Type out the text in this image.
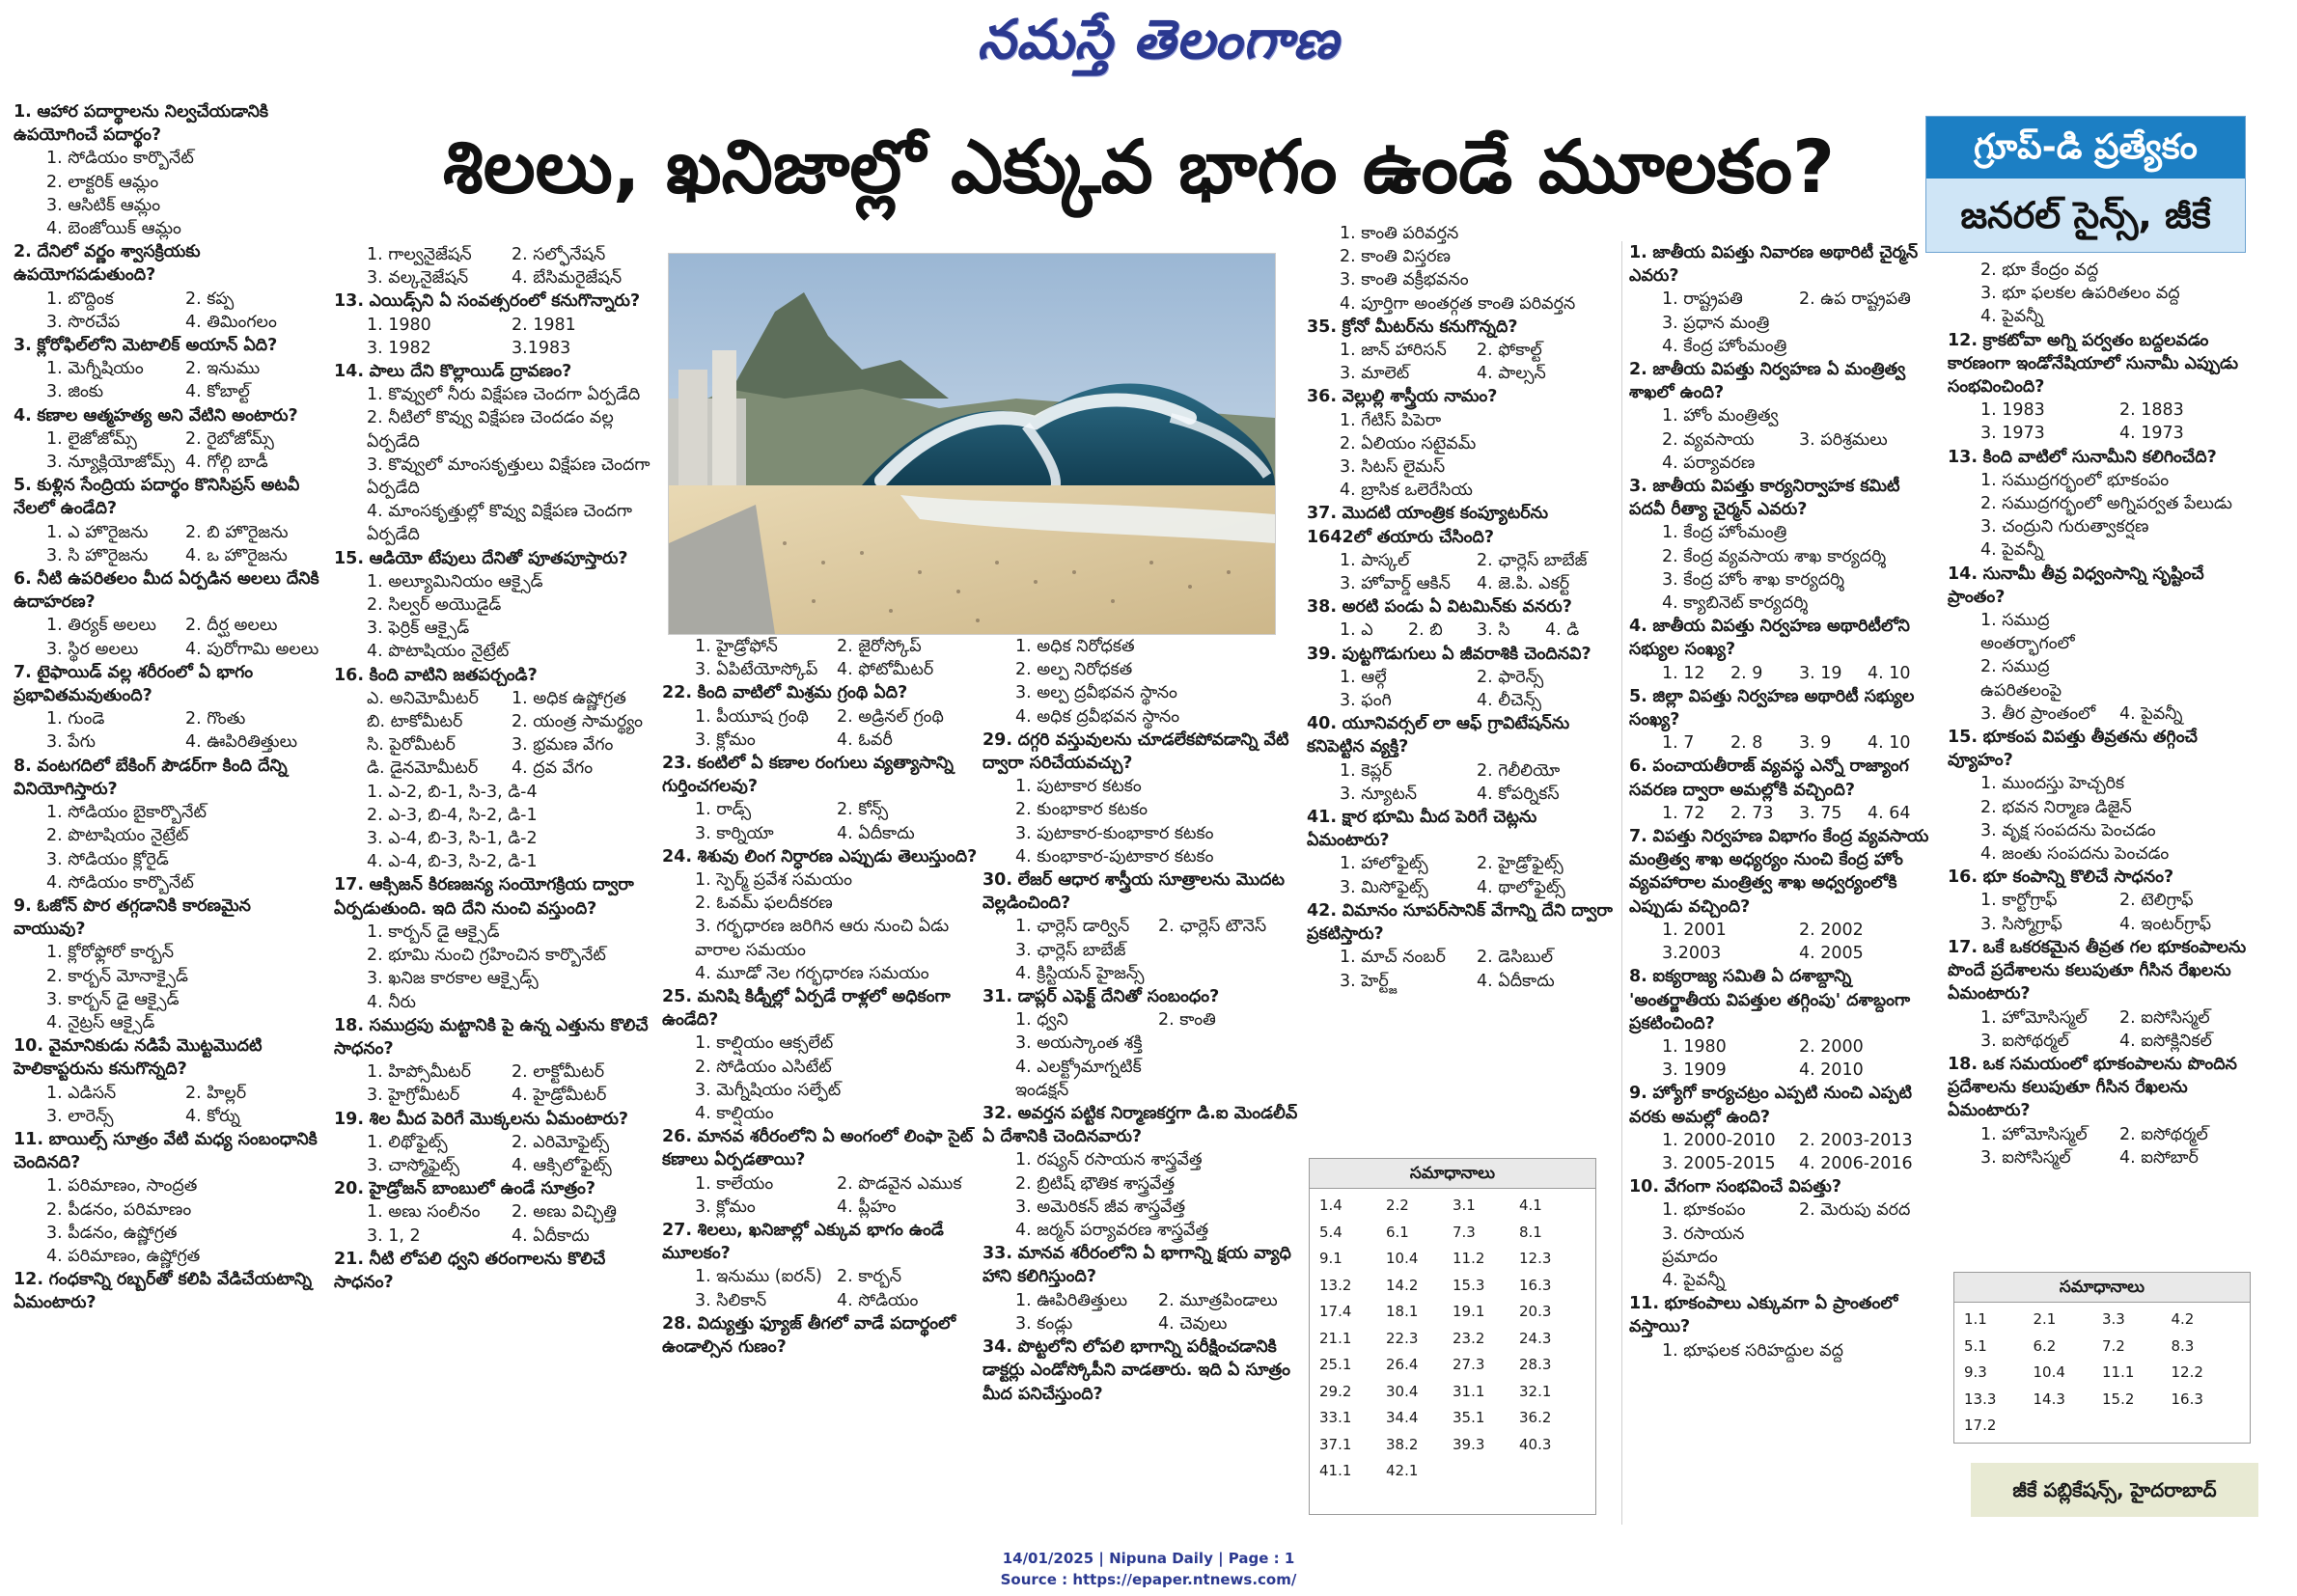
నమస్తే తెలంగాణ
శిలలు, ఖనిజాల్లో ఎక్కువ భాగం ఉండే మూలకం?	గ్రూప్-డి ప్రత్యేకం
జనరల్ సైన్స్, జీకే
1. ఆహార పదార్థాలను నిల్వచేయడానికి ఉపయోగించే పదార్థం?
1. సోడియం కార్బొనేట్
2. లాక్టరిక్ ఆమ్లం
3. ఆసిటిక్ ఆమ్లం
4. బెంజోయిక్ ఆమ్లం
2. దేనిలో వర్ణం శ్వాసక్రియకు ఉపయోగపడుతుంది?
1. బొద్దింక	2. కప్ప
3. సొరచేప	4. తిమింగలం
3. క్లోరోఫిల్‌లోని మెటాలిక్ అయాన్ ఏది?
1. మెగ్నీషియం	2. ఇనుము
3. జింకు	4. కోబాల్ట్
4. కణాల ఆత్మహత్య అని వేటిని అంటారు?
1. లైజోజోమ్స్	2. రైబోజోమ్స్
3. న్యూక్లియోజోమ్స్ 4. గోల్గి బాడీ
5. కుళ్లిన సేంద్రియ పదార్థం కొనిసిప్రస్ అటవీ నేలలో ఉండేది?
1. ఎ హొరైజను	2. బి హొరైజను
3. సి హొరైజను	4. ఒ హొరైజను
6. నీటి ఉపరితలం మీద ఏర్పడిన అలలు దేనికి ఉదాహరణ?
1. తిర్యక్ అలలు	2. దీర్ఘ అలలు
3. స్థిర అలలు	4. పురోగామి అలలు
7. టైఫాయిడ్ వల్ల శరీరంలో ఏ భాగం ప్రభావితమవుతుంది?
1. గుండె	2. గొంతు
3. పేగు	4. ఊపిరితిత్తులు
8. వంటగదిలో బేకింగ్ పౌడర్‌గా కింది దేన్ని వినియోగిస్తారు?
1. సోడియం బైకార్బొనేట్
2. పొటాషియం నైట్రేట్
3. సోడియం క్లోరైడ్
4. సోడియం కార్బొనేట్
9. ఓజోన్ పొర తగ్గడానికి కారణమైన వాయువు?
1. క్లోరోఫ్లోరో కార్బన్
2. కార్బన్ మోనాక్సైడ్
3. కార్బన్ డై ఆక్సైడ్
4. నైట్రస్ ఆక్సైడ్
10. వైమానికుడు నడిపే మొట్టమొదటి హెలికాప్టరును కనుగొన్నది?
1. ఎడిసన్	2. హిల్లర్
3. లారెన్స్	4. కోర్ను
11. బాయిల్స్ సూత్రం వేటి మధ్య సంబంధానికి చెందినది?
1. పరిమాణం, సాంద్రత
2. పీడనం, పరిమాణం
3. పీడనం, ఉష్ణోగ్రత
4. పరిమాణం, ఉష్ణోగ్రత
12. గంధకాన్ని రబ్బర్‌తో కలిపి వేడిచేయటాన్ని ఏమంటారు?
1. గాల్వనైజేషన్	2. సల్ఫోనేషన్
3. వల్కనైజేషన్	4. బేసిమరైజేషన్
13. ఎయిడ్స్‌ని ఏ సంవత్సరంలో కనుగొన్నారు?
1. 1980	2. 1981
3. 1982	3.1983
14. పాలు దేని కొల్లాయిడ్ ద్రావణం?
1. కొవ్వులో నీరు విక్షేపణ చెందగా ఏర్పడేది
2. నీటిలో కొవ్వు విక్షేపణ చెందడం వల్ల ఏర్పడేది
3. కొవ్వులో మాంసకృత్తులు విక్షేపణ చెందగా ఏర్పడేది
4. మాంసకృత్తుల్లో కొవ్వు విక్షేపణ చెందగా ఏర్పడేది
15. ఆడియో టేపులు దేనితో పూతపూస్తారు?
1. అల్యూమినియం ఆక్సైడ్
2. సిల్వర్ అయొడైడ్
3. ఫెర్రిక్ ఆక్సైడ్
4. పొటాషియం నైట్రేట్
16. కింది వాటిని జతపర్చండి?
ఎ. అనిమోమీటర్	1. అధిక ఉష్ణోగ్రత
బి. టాకోమీటర్	2. యంత్ర సామర్థ్యం
సి. పైరోమీటర్	3. భ్రమణ వేగం
డి. డైనమోమీటర్	4. ద్రవ వేగం
1. ఎ-2, బి-1, సి-3, డి-4
2. ఎ-3, బి-4, సి-2, డి-1
3. ఎ-4, బి-3, సి-1, డి-2
4. ఎ-4, బి-3, సి-2, డి-1
17. ఆక్సిజన్ కిరణజన్య సంయోగక్రియ ద్వారా ఏర్పడుతుంది. ఇది దేని నుంచి వస్తుంది?
1. కార్బన్ డై ఆక్సైడ్
2. భూమి నుంచి గ్రహించిన కార్బొనేట్
3. ఖనిజ కారకాల ఆక్సైడ్స్
4. నీరు
18. సముద్రపు మట్టానికి పై ఉన్న ఎత్తును కొలిచే సాధనం?
1. హిప్సోమీటర్	2. లాక్టోమీటర్
3. హైగ్రోమీటర్	4. హైడ్రోమీటర్
19. శిల మీద పెరిగే మొక్కలను ఏమంటారు?
1. లిథోఫైట్స్	2. ఎరిమోఫైట్స్
3. చాస్మోఫైట్స్	4. ఆక్సిలోఫైట్స్
20. హైడ్రోజన్ బాంబులో ఉండే సూత్రం?
1. అణు సంలీనం	2. అణు విచ్ఛిత్తి
3. 1, 2	4. ఏదీకాదు
21. నీటి లోపలి ధ్వని తరంగాలను కొలిచే సాధనం?
1. హైడ్రోఫోన్	2. జైరోస్కోప్
3. ఏపిటేయోస్కోప్	4. ఫోటోమీటర్
22. కింది వాటిలో మిశ్రమ గ్రంథి ఏది?
1. పీయూష గ్రంథి	2. అడ్రినల్ గ్రంథి
3. క్లోమం	4. ఓవరీ
23. కంటిలో ఏ కణాల రంగులు వ్యత్యాసాన్ని గుర్తించగలవు?
1. రాడ్స్	2. కోన్స్
3. కార్నియా	4. ఏదీకాదు
24. శిశువు లింగ నిర్ధారణ ఎప్పుడు తెలుస్తుంది?
1. స్పెర్మ్ ప్రవేశ సమయం
2. ఓవమ్ ఫలదీకరణ
3. గర్భధారణ జరిగిన ఆరు నుంచి ఏడు వారాల సమయం
4. మూడో నెల గర్భధారణ సమయం
25. మనిషి కిడ్నీల్లో ఏర్పడే రాళ్లలో అధికంగా ఉండేది?
1. కాల్షియం ఆక్సలేట్
2. సోడియం ఎసిటేట్
3. మెగ్నీషియం సల్ఫేట్
4. కాల్షియం
26. మానవ శరీరంలోని ఏ అంగంలో లింఫా సైట్ కణాలు ఏర్పడతాయి?
1. కాలేయం	2. పొడవైన ఎముక
3. క్లోమం	4. ప్లీహం
27. శిలలు, ఖనిజాల్లో ఎక్కువ భాగం ఉండే మూలకం?
1. ఇనుము (ఐరన్) 2. కార్బన్
3. సిలికాన్	4. సోడియం
28. విద్యుత్తు ఫ్యూజ్ తీగలో వాడే పదార్థంలో ఉండాల్సిన గుణం?
1. అధిక నిరోధకత
2. అల్ప నిరోధకత
3. అల్ప ద్రవీభవన స్థానం
4. అధిక ద్రవీభవన స్థానం
29. దగ్గరి వస్తువులను చూడలేకపోవడాన్ని వేటి ద్వారా సరిచేయవచ్చు?
1. పుటాకార కటకం
2. కుంభాకార కటకం
3. పుటాకార-కుంభాకార కటకం
4. కుంభాకార-పుటాకార కటకం
30. లేజర్ ఆధార శాస్త్రీయ సూత్రాలను మొదట వెల్లడించింది?
1. ఛార్లెస్ డార్విన్	2. ఛార్లెస్ టౌనెస్
3. ఛార్లెస్ బాబేజ్
4. క్రిస్టియన్ హైజన్స్
31. డాప్లర్ ఎఫెక్ట్ దేనితో సంబంధం?
1. ధ్వని	2. కాంతి
3. అయస్కాంత శక్తి
4. ఎలక్ట్రోమాగ్నటిక్ ఇండక్షన్
32. అవర్తన పట్టిక నిర్మాణకర్తగా డి.ఐ మెండలీవ్ ఏ దేశానికి చెందినవారు?
1. రష్యన్ రసాయన శాస్త్రవేత్త
2. బ్రిటిష్ భౌతిక శాస్త్రవేత్త
3. అమెరికన్ జీవ శాస్త్రవేత్త
4. జర్మన్ పర్యావరణ శాస్త్రవేత్త
33. మానవ శరీరంలోని ఏ భాగాన్ని క్షయ వ్యాధి హాని కలిగిస్తుంది?
1. ఊపిరితిత్తులు	2. మూత్రపిండాలు
3. కండ్లు	4. చెవులు
34. పొట్టలోని లోపలి భాగాన్ని పరీక్షించడానికి డాక్టర్లు ఎండోస్కోపీని వాడతారు. ఇది ఏ సూత్రం మీద పనిచేస్తుంది?
1. కాంతి పరివర్తన
2. కాంతి విస్తరణ
3. కాంతి వక్రీభవనం
4. పూర్తిగా అంతర్గత కాంతి పరివర్తన
35. క్రోనో మీటర్‌ను కనుగొన్నది?
1. జాన్ హారిసన్	2. ఫోకాల్ట్
3. మాలెట్	4. పాల్సన్
36. వెల్లుల్లి శాస్త్రీయ నామం?
1. గేటిస్ పిపెరా
2. ఏలియం సటైవమ్
3. సిటస్ లైమస్
4. బ్రాసిక ఒలెరేసియ
37. మొదటి యాంత్రిక కంప్యూటర్‌ను 1642లో తయారు చేసింది?
1. పాస్కల్	2. ఛార్లెస్ బాబేజ్
3. హోవార్డ్ ఆకిన్	4. జె.పి. ఎకర్ట్
38. అరటి పండు ఏ విటమిన్‌కు వనరు?
1. ఎ	2. బి	3. సి	4. డి
39. పుట్టగొడుగులు ఏ జీవరాశికి చెందినవి?
1. ఆల్గే	2. ఫారెన్స్
3. ఫంగి	4. లీచెన్స్
40. యూనివర్సల్ లా ఆఫ్ గ్రావిటేషన్‌ను కనిపెట్టిన వ్యక్తి?
1. కెప్లర్	2. గెలీలియో
3. న్యూటన్	4. కోపర్నికస్
41. క్షార భూమి మీద పెరిగే చెట్లను ఏమంటారు?
1. హాలోఫైట్స్	2. హైడ్రోఫైట్స్
3. మిసోఫైట్స్	4. థాలోఫైట్స్
42. విమానం సూపర్‌సానిక్ వేగాన్ని దేని ద్వారా ప్రకటిస్తారు?
1. మాచ్ నంబర్	2. డెసిబుల్
3. హెర్ట్జ్	4. ఏదీకాదు
సమాధానాలు
1.4	2.2	3.1	4.1
5.4	6.1	7.3	8.1
9.1	10.4	11.2	12.3
13.2	14.2	15.3	16.3
17.4	18.1	19.1	20.3
21.1	22.3	23.2	24.3
25.1	26.4	27.3	28.3
29.2	30.4	31.1	32.1
33.1	34.4	35.1	36.2
37.1	38.2	39.3	40.3
41.1	42.1
1. జాతీయ విపత్తు నివారణ అథారిటీ చైర్మన్ ఎవరు?
1. రాష్ట్రపతి	2. ఉప రాష్ట్రపతి
3. ప్రధాన మంత్రి
4. కేంద్ర హోంమంత్రి
2. జాతీయ విపత్తు నిర్వహణ ఏ మంత్రిత్వ శాఖలో ఉంది?
1. హోం మంత్రిత్వ
2. వ్యవసాయ	3. పరిశ్రమలు
4. పర్యావరణ
3. జాతీయ విపత్తు కార్యనిర్వాహక కమిటీ పదవీ రీత్యా చైర్మన్ ఎవరు?
1. కేంద్ర హోంమంత్రి
2. కేంద్ర వ్యవసాయ శాఖ కార్యదర్శి
3. కేంద్ర హోం శాఖ కార్యదర్శి
4. క్యాబినెట్ కార్యదర్శి
4. జాతీయ విపత్తు నిర్వహణ అథారిటీలోని సభ్యుల సంఖ్య?
1. 12	2. 9	3. 19	4. 10
5. జిల్లా విపత్తు నిర్వహణ అథారిటీ సభ్యుల సంఖ్య?
1. 7	2. 8	3. 9	4. 10
6. పంచాయతీరాజ్ వ్యవస్థ ఎన్నో రాజ్యాంగ సవరణ ద్వారా అమల్లోకి వచ్చింది?
1. 72	2. 73	3. 75	4. 64
7. విపత్తు నిర్వహణ విభాగం కేంద్ర వ్యవసాయ మంత్రిత్వ శాఖ అధ్యర్యం నుంచి కేంద్ర హోం వ్యవహారాల మంత్రిత్వ శాఖ అధ్వర్యంలోకి ఎప్పుడు వచ్చింది?
1. 2001	2. 2002
3.2003	4. 2005
8. ఐక్యరాజ్య సమితి ఏ దశాబ్దాన్ని 'అంతర్జాతీయ విపత్తుల తగ్గింపు' దశాబ్దంగా ప్రకటించింది?
1. 1980	2. 2000
3. 1909	4. 2010
9. హ్యోగో కార్యచట్రం ఎప్పటి నుంచి ఎప్పటి వరకు అమల్లో ఉంది?
1. 2000-2010	2. 2003-2013
3. 2005-2015	4. 2006-2016
10. వేగంగా సంభవించే విపత్తు?
1. భూకంపం	2. మెరుపు వరద
3. రసాయన ప్రమాదం
4. పైవన్నీ
11. భూకంపాలు ఎక్కువగా ఏ ప్రాంతంలో వస్తాయి?
1. భూఫలక సరిహద్దుల వద్ద
2. భూ కేంద్రం వద్ద
3. భూ ఫలకల ఉపరితలం వద్ద
4. పైవన్నీ
12. క్రాకటోవా అగ్ని పర్వతం బద్దలవడం కారణంగా ఇండోనేషియాలో సునామీ ఎప్పుడు సంభవించింది?
1. 1983	2. 1883
3. 1973	4. 1973
13. కింది వాటిలో సునామీని కలిగించేది?
1. సముద్రగర్భంలో భూకంపం
2. సముద్రగర్భంలో అగ్నిపర్వత పేలుడు
3. చంద్రుని గురుత్వాకర్షణ
4. పైవన్నీ
14. సునామీ తీవ్ర విధ్వంసాన్ని సృష్టించే ప్రాంతం?
1. సముద్ర అంతర్భాగంలో
2. సముద్ర ఉపరితలంపై
3. తీర ప్రాంతంలో	4. పైవన్నీ
15. భూకంప విపత్తు తీవ్రతను తగ్గించే వ్యూహం?
1. ముందస్తు హెచ్చరిక
2. భవన నిర్మాణ డిజైన్
3. వృక్ష సంపదను పెంచడం
4. జంతు సంపదను పెంచడం
16. భూ కంపాన్ని కొలిచే సాధనం?
1. కార్టోగ్రాఫ్	2. టెలిగ్రాఫ్
3. సిస్మోగ్రాఫ్	4. ఇంటర్‌గ్రాఫ్
17. ఒకే ఒకరకమైన తీవ్రత గల భూకంపాలను పొందే ప్రదేశాలను కలుపుతూ గీసిన రేఖలను ఏమంటారు?
1. హోమోసిస్మల్	2. ఐసోసిస్మల్
3. ఐసోథర్మల్	4. ఐసోక్లినికల్
18. ఒక సమయంలో భూకంపాలను పొందిన ప్రదేశాలను కలుపుతూ గీసిన రేఖలను ఏమంటారు?
1. హోమోసిస్మల్	2. ఐసోథర్మల్
3. ఐసోసిస్మల్	4. ఐసోబార్
సమాధానాలు
1.1	2.1	3.3	4.2
5.1	6.2	7.2	8.3
9.3	10.4	11.1	12.2
13.3	14.3	15.2	16.3
17.2
జీకే పబ్లికేషన్స్, హైదరాబాద్
14/01/2025 | Nipuna Daily | Page : 1
Source : https://epaper.ntnews.com/
